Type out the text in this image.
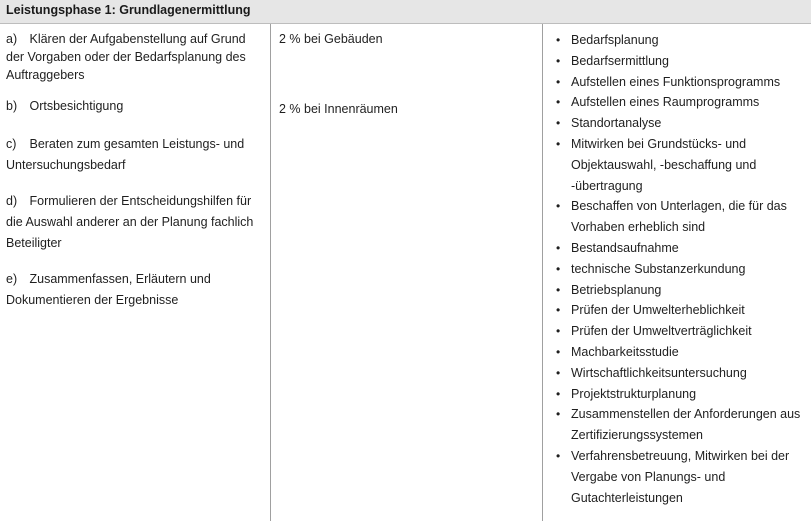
Leistungsphase 1: Grundlagenermittlung
a) Klären der Aufgabenstellung auf Grund der Vorgaben oder der Bedarfsplanung des Auftraggebers
b) Ortsbesichtigung
c) Beraten zum gesamten Leistungs- und Untersuchungsbedarf
d) Formulieren der Entscheidungshilfen für die Auswahl anderer an der Planung fachlich Beteiligter
e) Zusammenfassen, Erläutern und Dokumentieren der Ergebnisse
2 % bei Gebäuden
2 % bei Innenräumen
• Bedarfsplanung
• Bedarfsermittlung
• Aufstellen eines Funktionsprogramms
• Aufstellen eines Raumprogramms
• Standortanalyse
• Mitwirken bei Grundstücks- und Objektauswahl, -beschaffung und -übertragung
• Beschaffen von Unterlagen, die für das Vorhaben erheblich sind
• Bestandsaufnahme
• technische Substanzerkundung
• Betriebsplanung
• Prüfen der Umwelterheblichkeit
• Prüfen der Umweltverträglichkeit
• Machbarkeitsstudie
• Wirtschaftlichkeitsuntersuchung
• Projektstrukturplanung
• Zusammenstellen der Anforderungen aus Zertifizierungssystemen
• Verfahrensbetreuung, Mitwirken bei der Vergabe von Planungs- und Gutachterleistungen
